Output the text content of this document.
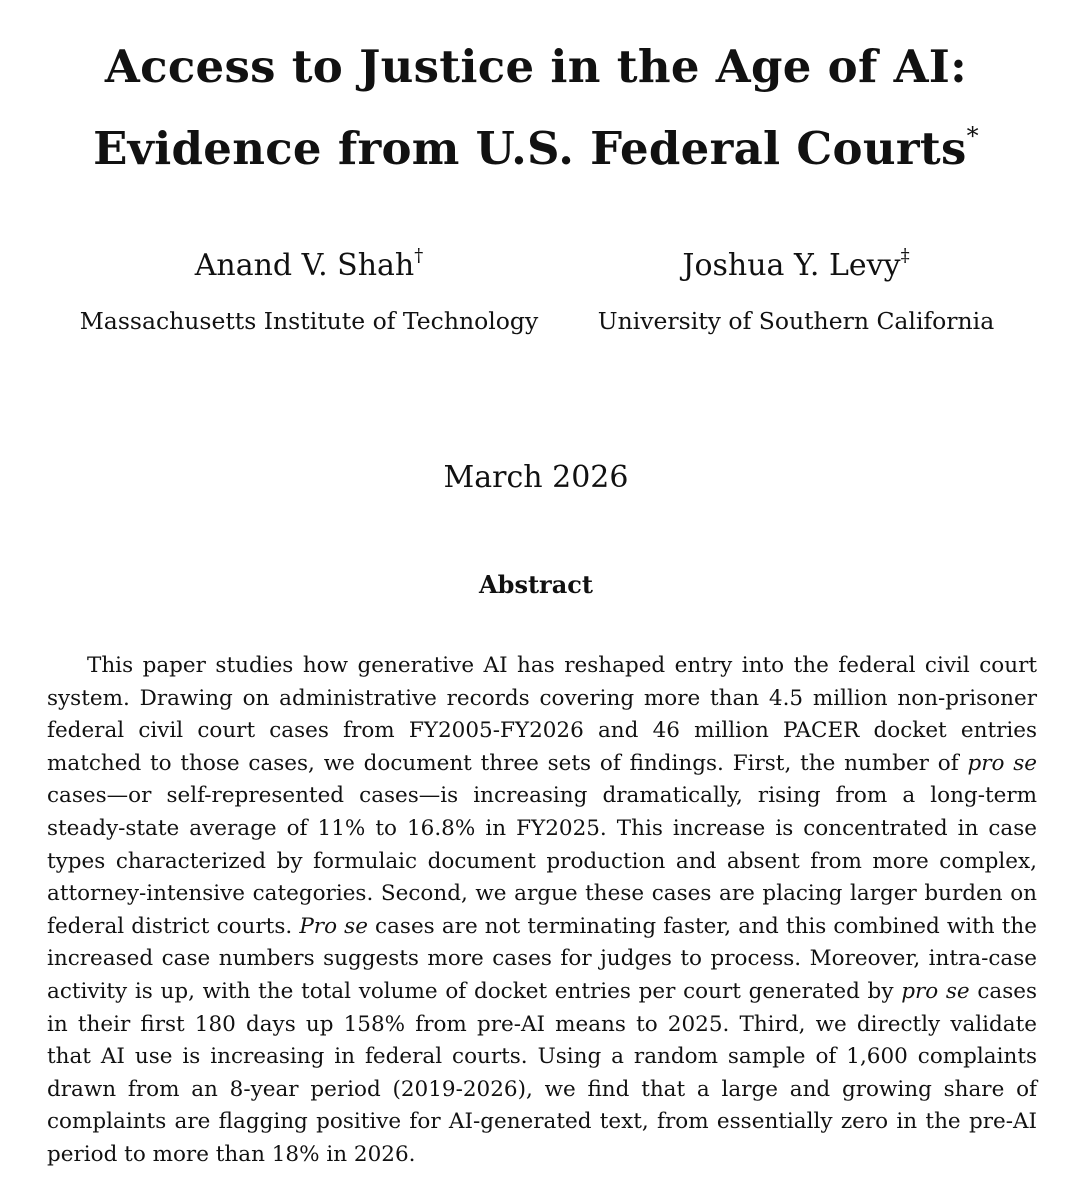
Access to Justice in the Age of AI:
Evidence from U.S. Federal Courts*
Anand V. Shah†
Massachusetts Institute of Technology
Joshua Y. Levy‡
University of Southern California
March 2026
Abstract

This paper studies how generative AI has reshaped entry into the federal civil court system. Drawing on administrative records covering more than 4.5 million non-prisoner federal civil court cases from FY2005-FY2026 and 46 million PACER docket entries matched to those cases, we document three sets of findings. First, the number of pro se cases—or self-represented cases—is increasing dramatically, rising from a long-term steady-state average of 11% to 16.8% in FY2025. This increase is concentrated in case types characterized by formulaic document production and absent from more complex, attorney-intensive categories. Second, we argue these cases are placing larger burden on federal district courts. Pro se cases are not terminating faster, and this combined with the increased case numbers suggests more cases for judges to process. Moreover, intra-case activity is up, with the total volume of docket entries per court generated by pro se cases in their first 180 days up 158% from pre-AI means to 2025. Third, we directly validate that AI use is increasing in federal courts. Using a random sample of 1,600 complaints drawn from an 8-year period (2019-2026), we find that a large and growing share of complaints are flagging positive for AI-generated text, from essentially zero in the pre-AI period to more than 18% in 2026.
